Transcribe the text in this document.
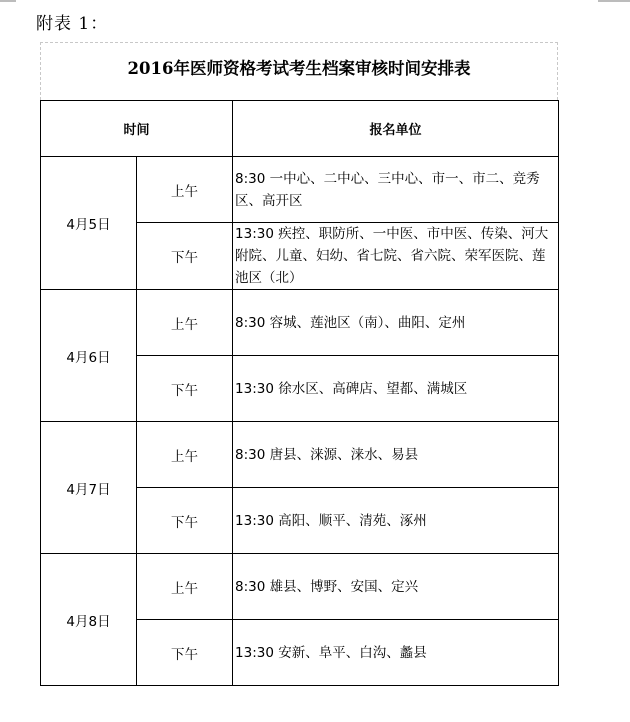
附表 1：
2016年医师资格考试考生档案审核时间安排表
时间		报名单位
4月5日	上午	8:30 一中心、二中心、三中心、市一、市二、竞秀区、高开区
	下午	13:30 疾控、职防所、一中医、市中医、传染、河大附院、儿童、妇幼、省七院、省六院、荣军医院、莲池区（北）
4月6日	上午	8:30 容城、莲池区（南）、曲阳、定州
	下午	13:30 徐水区、高碑店、望都、满城区
4月7日	上午	8:30 唐县、涞源、涞水、易县
	下午	13:30 高阳、顺平、清苑、涿州
4月8日	上午	8:30 雄县、博野、安国、定兴
	下午	13:30 安新、阜平、白沟、蠡县
